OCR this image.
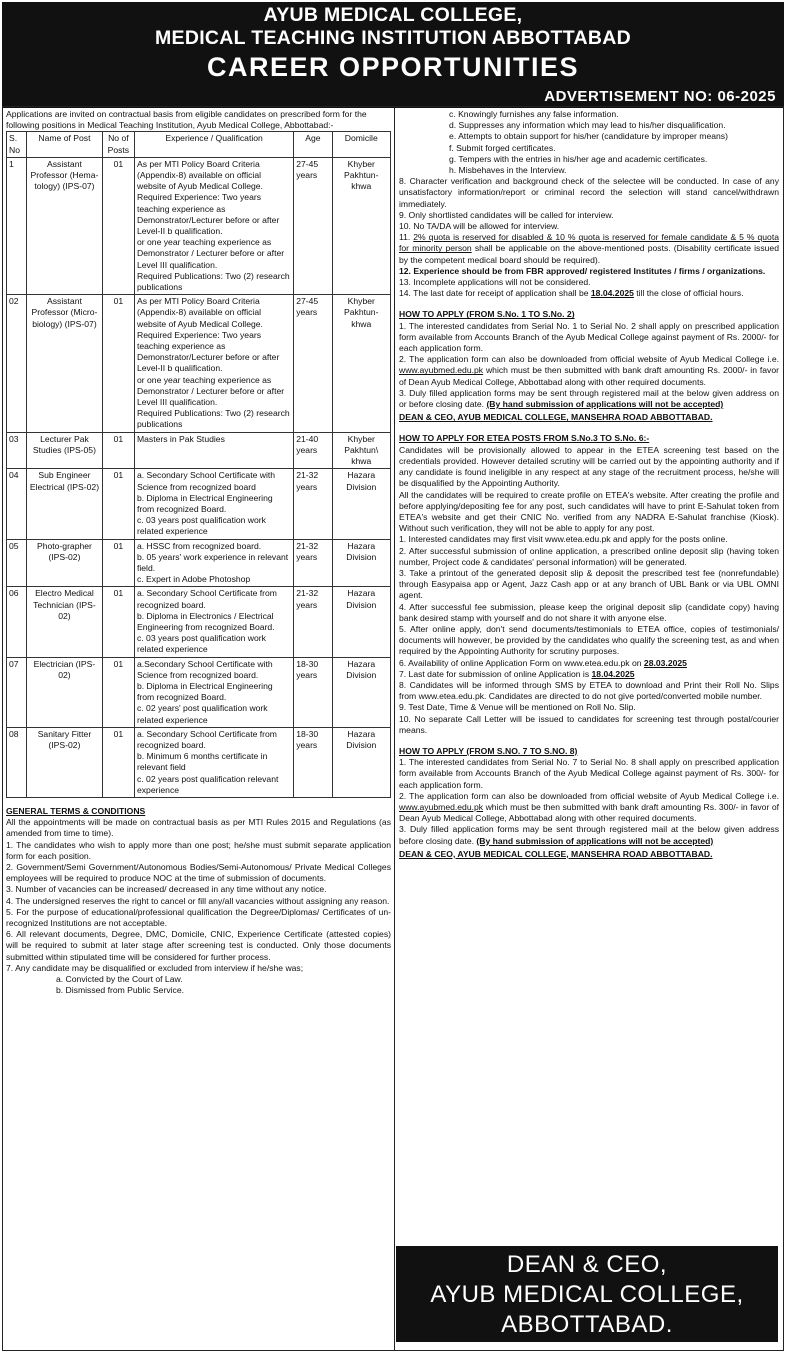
AYUB MEDICAL COLLEGE,
MEDICAL TEACHING INSTITUTION ABBOTTABAD
CAREER OPPORTUNITIES
ADVERTISEMENT NO: 06-2025

Applications are invited on contractual basis from eligible candidates on prescribed form for the following positions in Medical Teaching Institution, Ayub Medical College, Abbottabad:-

S. No	Name of Post	No of Posts	Experience / Qualification	Age	Domicile
1	Assistant Professor (Hema-tology) (IPS-07)	01	As per MTI Policy Board Criteria (Appendix-8) available on official website of Ayub Medical College.
Required Experience: Two years teaching experience as Demonstrator/Lecturer before or after Level-II b qualification.
or one year teaching experience as Demonstrator / Lecturer before or after Level III qualification.
Required Publications: Two (2) research publications	27-45 years	Khyber Pakhtun-khwa
02	Assistant Professor (Micro-biology) (IPS-07)	01	As per MTI Policy Board Criteria (Appendix-8) available on official website of Ayub Medical College.
Required Experience: Two years teaching experience as Demonstrator/Lecturer before or after Level-II b qualification.
or one year teaching experience as Demonstrator / Lecturer before or after Level III qualification.
Required Publications: Two (2) research publications	27-45 years	Khyber Pakhtun-khwa
03	Lecturer Pak Studies (IPS-05)	01	Masters in Pak Studies	21-40 years	Khyber Pakhtun\ khwa
04	Sub Engineer Electrical (IPS-02)	01	a. Secondary School Certificate with Science from recognized board
b. Diploma in Electrical Engineering from recognized Board.
c. 03 years post qualification work related experience	21-32 years	Hazara Division
05	Photo-grapher (IPS-02)	01	a. HSSC from recognized board.
b. 05 years' work experience in relevant field.
c. Expert in Adobe Photoshop	21-32 years	Hazara Division
06	Electro Medical Technician (IPS-02)	01	a. Secondary School Certificate from recognized board.
b. Diploma in Electronics / Electrical Engineering from recognized Board.
c. 03 years post qualification work related experience	21-32 years	Hazara Division
07	Electrician (IPS-02)	01	a.Secondary School Certificate with Science from recognized board.
b. Diploma in Electrical Engineering from recognized Board.
c. 02 years' post qualification work related experience	18-30 years	Hazara Division
08	Sanitary Fitter (IPS-02)	01	a. Secondary School Certificate from recognized board.
b. Minimum 6 months certificate in relevant field
c. 02 years post qualification relevant experience	18-30 years	Hazara Division

GENERAL TERMS & CONDITIONS

All the appointments will be made on contractual basis as per MTI Rules 2015 and Regulations (as amended from time to time).

1. The candidates who wish to apply more than one post; he/she must submit separate application form for each position.

2. Government/Semi Government/Autonomous Bodies/Semi-Autonomous/ Private Medical Colleges employees will be required to produce NOC at the time of submission of documents.

3. Number of vacancies can be increased/ decreased in any time without any notice.

4. The undersigned reserves the right to cancel or fill any/all vacancies without assigning any reason.

5. For the purpose of educational/professional qualification the Degree/Diplomas/ Certificates of un-recognized Institutions are not acceptable.

6. All relevant documents, Degree, DMC, Domicile, CNIC, Experience Certificate (attested copies) will be required to submit at later stage after screening test is conducted. Only those documents submitted within stipulated time will be considered for further process.

7. Any candidate may be disqualified or excluded from interview if he/she was;

a. Convicted by the Court of Law.

b. Dismissed from Public Service.

c. Knowingly furnishes any false information.

d. Suppresses any information which may lead to his/her disqualification.

e. Attempts to obtain support for his/her (candidature by improper means)

f. Submit forged certificates.

g. Tempers with the entries in his/her age and academic certificates.

h. Misbehaves in the Interview.

8. Character verification and background check of the selectee will be conducted. In case of any unsatisfactory information/report or criminal record the selection will stand cancel/withdrawn immediately.

9. Only shortlisted candidates will be called for interview.

10. No TA/DA will be allowed for interview.

11. 2% quota is reserved for disabled & 10 % quota is reserved for female candidate & 5 % quota for minority person shall be applicable on the above-mentioned posts. (Disability certificate issued by the competent medical board should be required).

12. Experience should be from FBR approved/ registered Institutes / firms / organizations.

13. Incomplete applications will not be considered.

14. The last date for receipt of application shall be 18.04.2025 till the close of official hours.

HOW TO APPLY (FROM S.No. 1 TO S.No. 2)

1. The interested candidates from Serial No. 1 to Serial No. 2 shall apply on prescribed application form available from Accounts Branch of the Ayub Medical College against payment of Rs. 2000/- for each application form.

2. The application form can also be downloaded from official website of Ayub Medical College i.e. www.ayubmed.edu.pk which must be then submitted with bank draft amounting Rs. 2000/- in favor of Dean Ayub Medical College, Abbottabad along with other required documents.

3. Duly filled application forms may be sent through registered mail at the below given address on or before closing date. (By hand submission of applications will not be accepted)

DEAN & CEO, AYUB MEDICAL COLLEGE, MANSEHRA ROAD ABBOTTABAD.

HOW TO APPLY FOR ETEA POSTS FROM S.No.3 TO S.No. 6:-

Candidates will be provisionally allowed to appear in the ETEA screening test based on the credentials provided. However detailed scrutiny will be carried out by the appointing authority and if any candidate is found ineligible in any respect at any stage of the recruitment process, he/she will be disqualified by the Appointing Authority.

All the candidates will be required to create profile on ETEA's website. After creating the profile and before applying/depositing fee for any post, such candidates will have to print E-Sahulat token from ETEA's website and get their CNIC No. verified from any NADRA E-Sahulat franchise (Kiosk). Without such verification, they will not be able to apply for any post.

1. Interested candidates may first visit www.etea.edu.pk and apply for the posts online.

2. After successful submission of online application, a prescribed online deposit slip (having token number, Project code & candidates' personal information) will be generated.

3. Take a printout of the generated deposit slip & deposit the prescribed test fee (nonrefundable) through Easypaisa app or Agent, Jazz Cash app or at any branch of UBL Bank or via UBL OMNI agent.

4. After successful fee submission, please keep the original deposit slip (candidate copy) having bank desired stamp with yourself and do not share it with anyone else.

5. After online apply, don't send documents/testimonials to ETEA office, copies of testimonials/ documents will however, be provided by the candidates who qualify the screening test, as and when required by the Appointing Authority for scrutiny purposes.

6. Availability of online Application Form on www.etea.edu.pk on 28.03.2025

7. Last date for submission of online Application is 18.04.2025

8. Candidates will be informed through SMS by ETEA to download and Print their Roll No. Slips from www.etea.edu.pk. Candidates are directed to do not give ported/converted mobile number.

9. Test Date, Time & Venue will be mentioned on Roll No. Slip.

10. No separate Call Letter will be issued to candidates for screening test through postal/courier means.

HOW TO APPLY (FROM S.NO. 7 TO S.NO. 8)

1. The interested candidates from Serial No. 7 to Serial No. 8 shall apply on prescribed application form available from Accounts Branch of the Ayub Medical College against payment of Rs. 300/- for each application form.

2. The application form can also be downloaded from official website of Ayub Medical College i.e. www.ayubmed.edu.pk which must be then submitted with bank draft amounting Rs. 300/- in favor of Dean Ayub Medical College, Abbottabad along with other required documents.

3. Duly filled application forms may be sent through registered mail at the below given address before closing date. (By hand submission of applications will not be accepted)

DEAN & CEO, AYUB MEDICAL COLLEGE, MANSEHRA ROAD ABBOTTABAD.

DEAN & CEO,
AYUB MEDICAL COLLEGE,
ABBOTTABAD.
